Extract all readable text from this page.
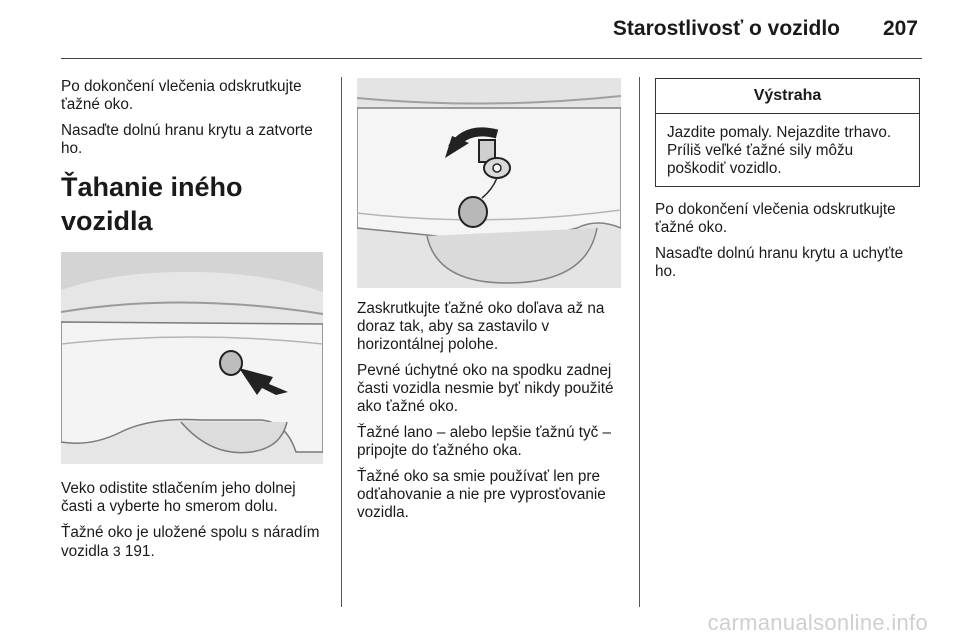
Starostlivosť o vozidlo 207

Po dokončení vlečenia odskrutkujte ťažné oko.

Nasaďte dolnú hranu krytu a zatvorte ho.

Ťahanie iného vozidla

Veko odistite stlačením jeho dolnej časti a vyberte ho smerom dolu.

Ťažné oko je uložené spolu s náradím vozidla 3 191.

Zaskrutkujte ťažné oko doľava až na doraz tak, aby sa zastavilo v horizontálnej polohe.

Pevné úchytné oko na spodku zadnej časti vozidla nesmie byť nikdy použité ako ťažné oko.

Ťažné lano – alebo lepšie ťažnú tyč – pripojte do ťažného oka.

Ťažné oko sa smie používať len pre odťahovanie a nie pre vyprosťovanie vozidla.

Výstraha
Jazdite pomaly. Nejazdite trhavo. Príliš veľké ťažné sily môžu poškodiť vozidlo.

Po dokončení vlečenia odskrutkujte ťažné oko.

Nasaďte dolnú hranu krytu a uchyťte ho.

carmanualsonline.info
